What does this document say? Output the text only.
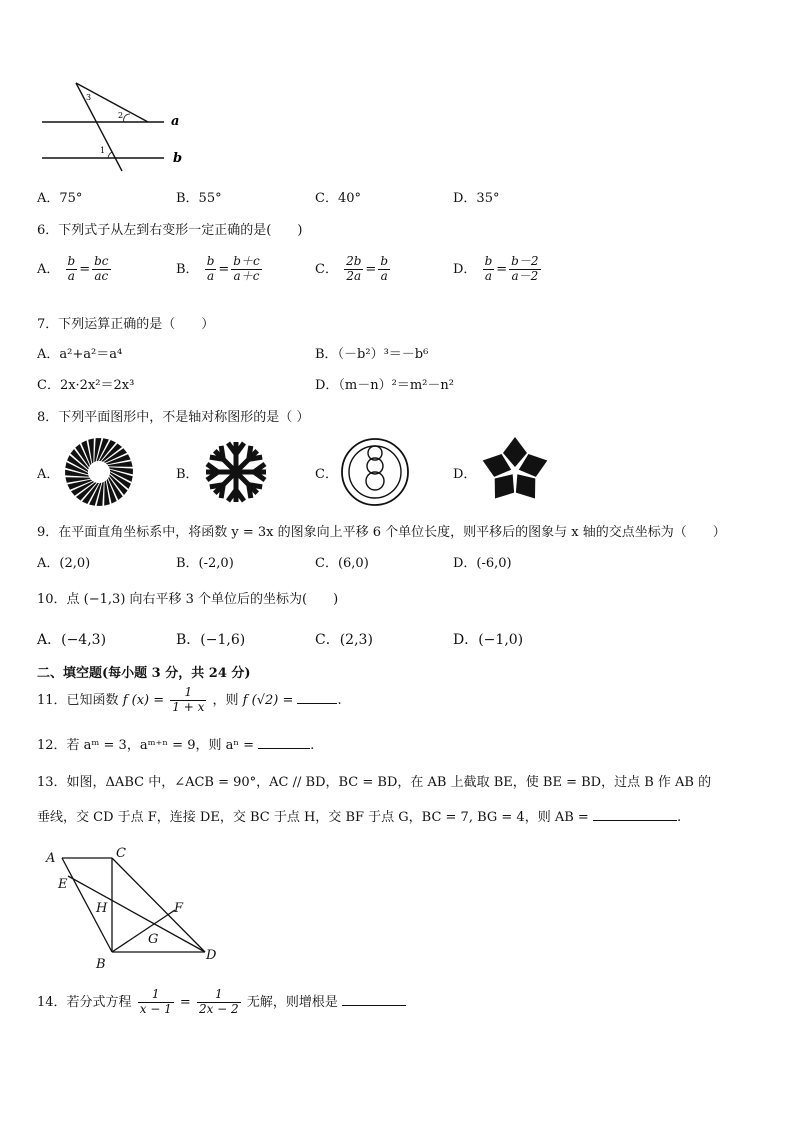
3
2
1
a
b
A．75°	B．55°	C．40°	D．35°
6．下列式子从左到右变形一定正确的是(　　)
A． $\frac{b}{a} = \frac{bc}{ac}$	B． $\frac{b}{a} = \frac{b+c}{a+c}$	C． $\frac{2b}{2a} = \frac{b}{a}$	D． $\frac{b}{a} = \frac{b-2}{a-2}$
7．下列运算正确的是（　　）
A．a²+a²＝a⁴	B．（－b²）³＝－b⁶
C．2x·2x²＝2x³	D．（m－n）²＝m²－n²
8．下列平面图形中，不是轴对称图形的是（ ）
A．	B．	C．	D．
9．在平面直角坐标系中，将函数 y = 3x 的图象向上平移 6 个单位长度，则平移后的图象与 x 轴的交点坐标为（　　）
A．(2,0)	B．(-2,0)	C．(6,0)	D．(-6,0)
10．点 (−1,3) 向右平移 3 个单位后的坐标为(　　)
A．(−4,3)	B．(−1,6)	C．(2,3)	D．(−1,0)
二、填空题(每小题 3 分，共 24 分)
11．已知函数 f $(x) = \frac{1}{1 + x}$ ，则 f (√2) =	.
12．若 aᵐ = 3，aᵐ⁺ⁿ = 9，则 aⁿ =	.
13．如图，ΔABC 中，∠ACB = 90°，AC // BD，BC = BD，在 AB 上截取 BE，使 BE = BD，过点 B 作 AB 的
垂线，交 CD 于点 F，连接 DE，交 BC 于点 H，交 BF 于点 G，BC = 7, BG = 4，则 AB =	.
A	C
E
H	F
G
B
D
14．若分式方程 $\frac{1}{x - 1} = \frac{1}{2x - 2}$ 无解，则增根是
